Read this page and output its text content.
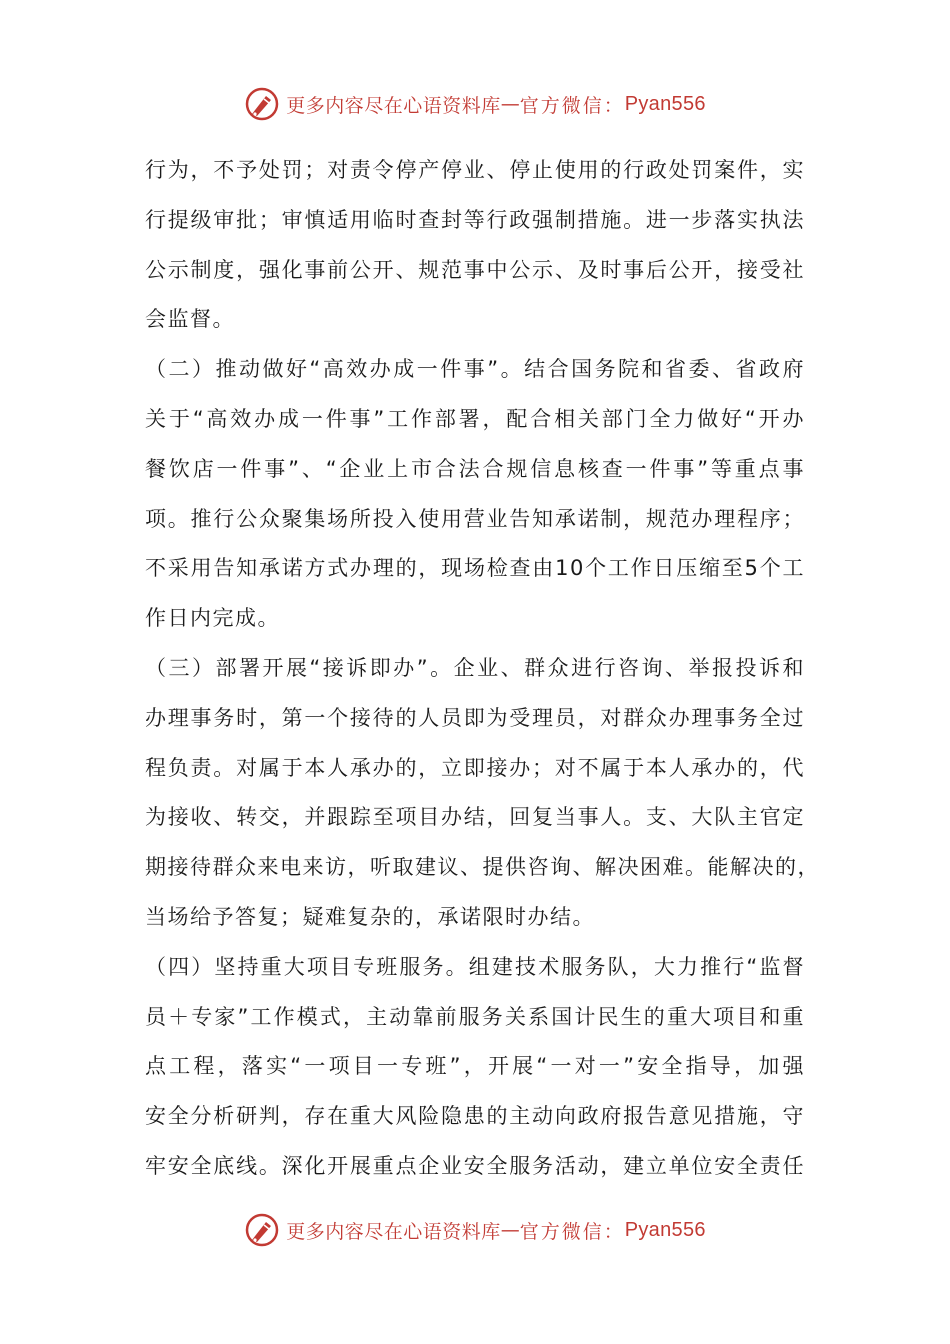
更多内容尽在心语资料库 — 官方微信： Pyan556
行为，不予处罚；对责令停产停业、停止使用的行政处罚案件，实
行提级审批；审慎适用临时查封等行政强制措施。进一步落实执法
公示制度，强化事前公开、规范事中公示、及时事后公开，接受社
会监督。
（二）推动做好“高效办成一件事”。结合国务院和省委、省政府
关于“高效办成一件事”工作部署，配合相关部门全力做好“开办
餐饮店一件事”、“企业上市合法合规信息核查一件事”等重点事
项。推行公众聚集场所投入使用营业告知承诺制，规范办理程序；
不采用告知承诺方式办理的，现场检查由10个工作日压缩至5个工
作日内完成。
（三）部署开展“接诉即办”。企业、群众进行咨询、举报投诉和
办理事务时，第一个接待的人员即为受理员，对群众办理事务全过
程负责。对属于本人承办的，立即接办；对不属于本人承办的，代
为接收、转交，并跟踪至项目办结，回复当事人。支、大队主官定
期接待群众来电来访，听取建议、提供咨询、解决困难。能解决的，
当场给予答复；疑难复杂的，承诺限时办结。
（四）坚持重大项目专班服务。组建技术服务队，大力推行“监督
员＋专家”工作模式，主动靠前服务关系国计民生的重大项目和重
点工程，落实“一项目一专班”，开展“一对一”安全指导，加强
安全分析研判，存在重大风险隐患的主动向政府报告意见措施，守
牢安全底线。深化开展重点企业安全服务活动，建立单位安全责任
更多内容尽在心语资料库 — 官方微信： Pyan556
